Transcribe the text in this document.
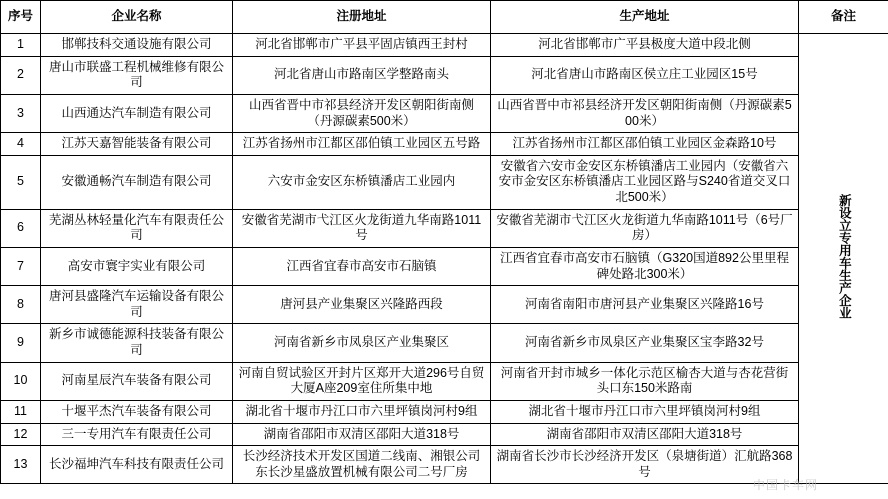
序号	企业名称	注册地址	生产地址	备注
1	邯郸技科交通设施有限公司	河北省邯郸市广平县平固店镇西王封村	河北省邯郸市广平县极度大道中段北侧	新设立专用车生产企业
2	唐山市联盛工程机械维修有限公司	河北省唐山市路南区学整路南头	河北省唐山市路南区侯立庄工业园区15号	
3	山西通达汽车制造有限公司	山西省晋中市祁县经济开发区朝阳街南侧（丹源碳素500米）	山西省晋中市祁县经济开发区朝阳街南侧（丹源碳素500米）	
4	江苏天嘉智能装备有限公司	江苏省扬州市江都区邵伯镇工业园区五号路	江苏省扬州市江都区邵伯镇工业园区金森路10号	
5	安徽通畅汽车制造有限公司	六安市金安区东桥镇潘店工业园内	安徽省六安市金安区东桥镇潘店工业园内（安徽省六安市金安区东桥镇潘店工业园区路与S240省道交叉口北500米）	
6	芜湖丛林轻量化汽车有限责任公司	安徽省芜湖市弋江区火龙街道九华南路1011号	安徽省芜湖市弋江区火龙街道九华南路1011号（6号厂房）	
7	高安市寰宇实业有限公司	江西省宜春市高安市石脑镇	江西省宜春市高安市石脑镇（G320国道892公里里程碑处路北300米）	
8	唐河县盛隆汽车运输设备有限公司	唐河县产业集聚区兴隆路西段	河南省南阳市唐河县产业集聚区兴隆路16号	
9	新乡市诚德能源科技装备有限公司	河南省新乡市凤泉区产业集聚区	河南省新乡市凤泉区产业集聚区宝李路32号	
10	河南星辰汽车装备有限公司	河南自贸试验区开封片区郑开大道296号自贸大厦A座209室住所集中地	河南省开封市城乡一体化示范区榆杏大道与杏花营街头口东150米路南	
11	十堰平杰汽车装备有限公司	湖北省十堰市丹江口市六里坪镇岗河村9组	湖北省十堰市丹江口市六里坪镇岗河村9组	
12	三一专用汽车有限责任公司	湖南省邵阳市双清区邵阳大道318号	湖南省邵阳市双清区邵阳大道318号	
13	长沙福坤汽车科技有限责任公司	长沙经济技术开发区国道二线南、湘银公司东长沙星盛放置机械有限公司二号厂房	湖南省长沙市长沙经济开发区（泉塘街道）汇航路368号	
中国卡车网
